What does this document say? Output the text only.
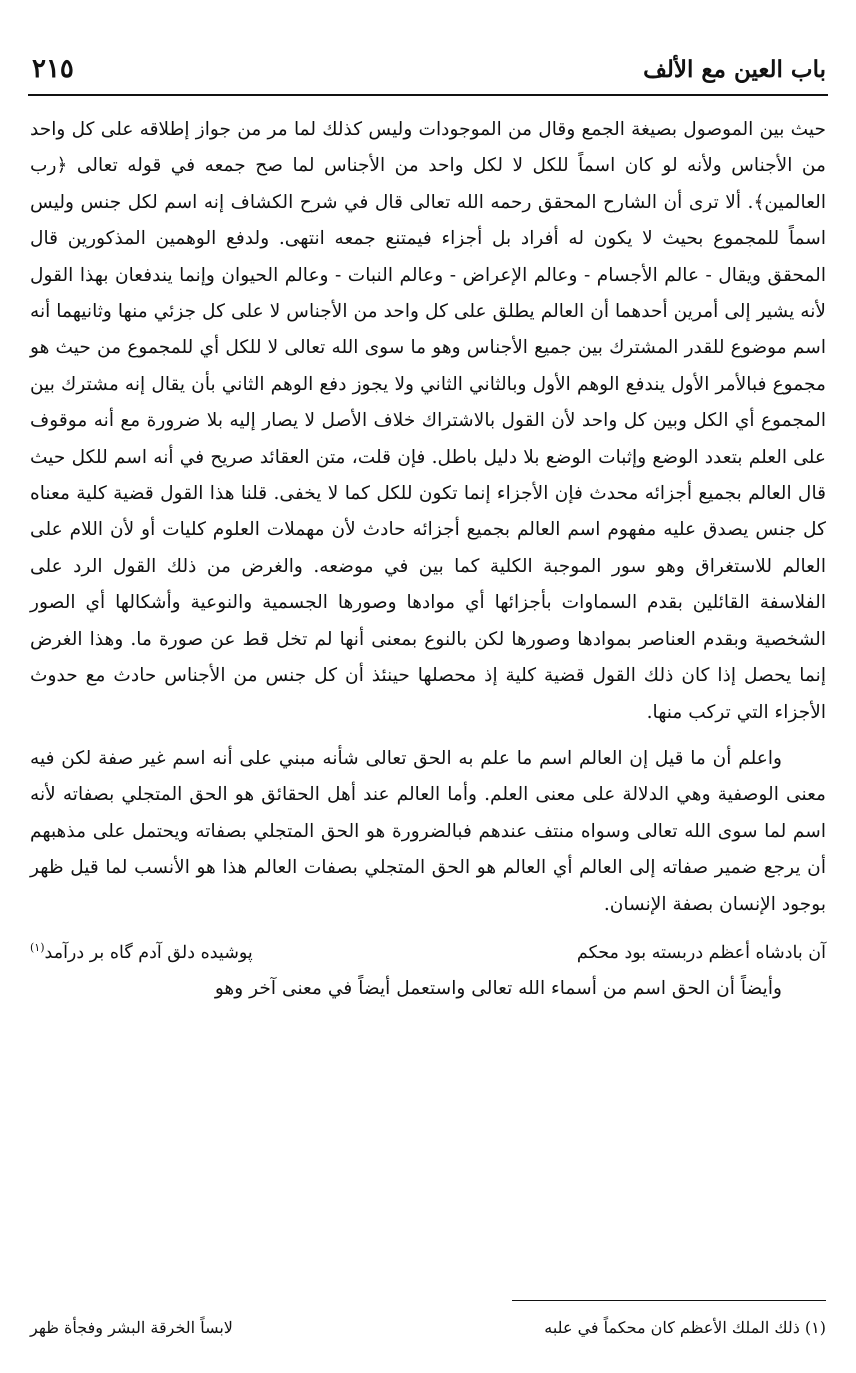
باب العين مع الألف
٢١٥

حيث بين الموصول بصيغة الجمع وقال من الموجودات وليس كذلك لما مر من جواز إطلاقه على كل واحد من الأجناس ولأنه لو كان اسماً للكل لا لكل واحد من الأجناس لما صح جمعه في قوله تعالى ﴿رب العالمين﴾. ألا ترى أن الشارح المحقق رحمه الله تعالى قال في شرح الكشاف إنه اسم لكل جنس وليس اسماً للمجموع بحيث لا يكون له أفراد بل أجزاء فيمتنع جمعه انتهى. ولدفع الوهمين المذكورين قال المحقق ويقال - عالم الأجسام - وعالم الإعراض - وعالم النبات - وعالم الحيوان وإنما يندفعان بهذا القول لأنه يشير إلى أمرين أحدهما أن العالم يطلق على كل واحد من الأجناس لا على كل جزئي منها وثانيهما أنه اسم موضوع للقدر المشترك بين جميع الأجناس وهو ما سوى الله تعالى لا للكل أي للمجموع من حيث هو مجموع فبالأمر الأول يندفع الوهم الأول وبالثاني الثاني ولا يجوز دفع الوهم الثاني بأن يقال إنه مشترك بين المجموع أي الكل وبين كل واحد لأن القول بالاشتراك خلاف الأصل لا يصار إليه بلا ضرورة مع أنه موقوف على العلم بتعدد الوضع وإثبات الوضع بلا دليل باطل. فإن قلت، متن العقائد صريح في أنه اسم للكل حيث قال العالم بجميع أجزائه محدث فإن الأجزاء إنما تكون للكل كما لا يخفى. قلنا هذا القول قضية كلية معناه كل جنس يصدق عليه مفهوم اسم العالم بجميع أجزائه حادث لأن مهملات العلوم كليات أو لأن اللام على العالم للاستغراق وهو سور الموجبة الكلية كما بين في موضعه. والغرض من ذلك القول الرد على الفلاسفة القائلين بقدم السماوات بأجزائها أي موادها وصورها الجسمية والنوعية وأشكالها أي الصور الشخصية وبقدم العناصر بموادها وصورها لكن بالنوع بمعنى أنها لم تخل قط عن صورة ما. وهذا الغرض إنما يحصل إذا كان ذلك القول قضية كلية إذ محصلها حينئذ أن كل جنس من الأجناس حادث مع حدوث الأجزاء التي تركب منها.

واعلم أن ما قيل إن العالم اسم ما علم به الحق تعالى شأنه مبني على أنه اسم غير صفة لكن فيه معنى الوصفية وهي الدلالة على معنى العلم. وأما العالم عند أهل الحقائق هو الحق المتجلي بصفاته لأنه اسم لما سوى الله تعالى وسواه منتف عندهم فبالضرورة هو الحق المتجلي بصفاته ويحتمل على مذهبهم أن يرجع ضمير صفاته إلى العالم أي العالم هو الحق المتجلي بصفات العالم هذا هو الأنسب لما قيل ظهر بوجود الإنسان بصفة الإنسان.

آن بادشاه أعظم دربسته بود محكم
پوشيده دلق آدم گاه بر درآمد$^{(١)}$

وأيضاً أن الحق اسم من أسماء الله تعالى واستعمل أيضاً في معنى آخر وهو

(١) ذلك الملك الأعظم كان محكماً في علبه
لابساً الخرقة البشر وفجأة ظهر
